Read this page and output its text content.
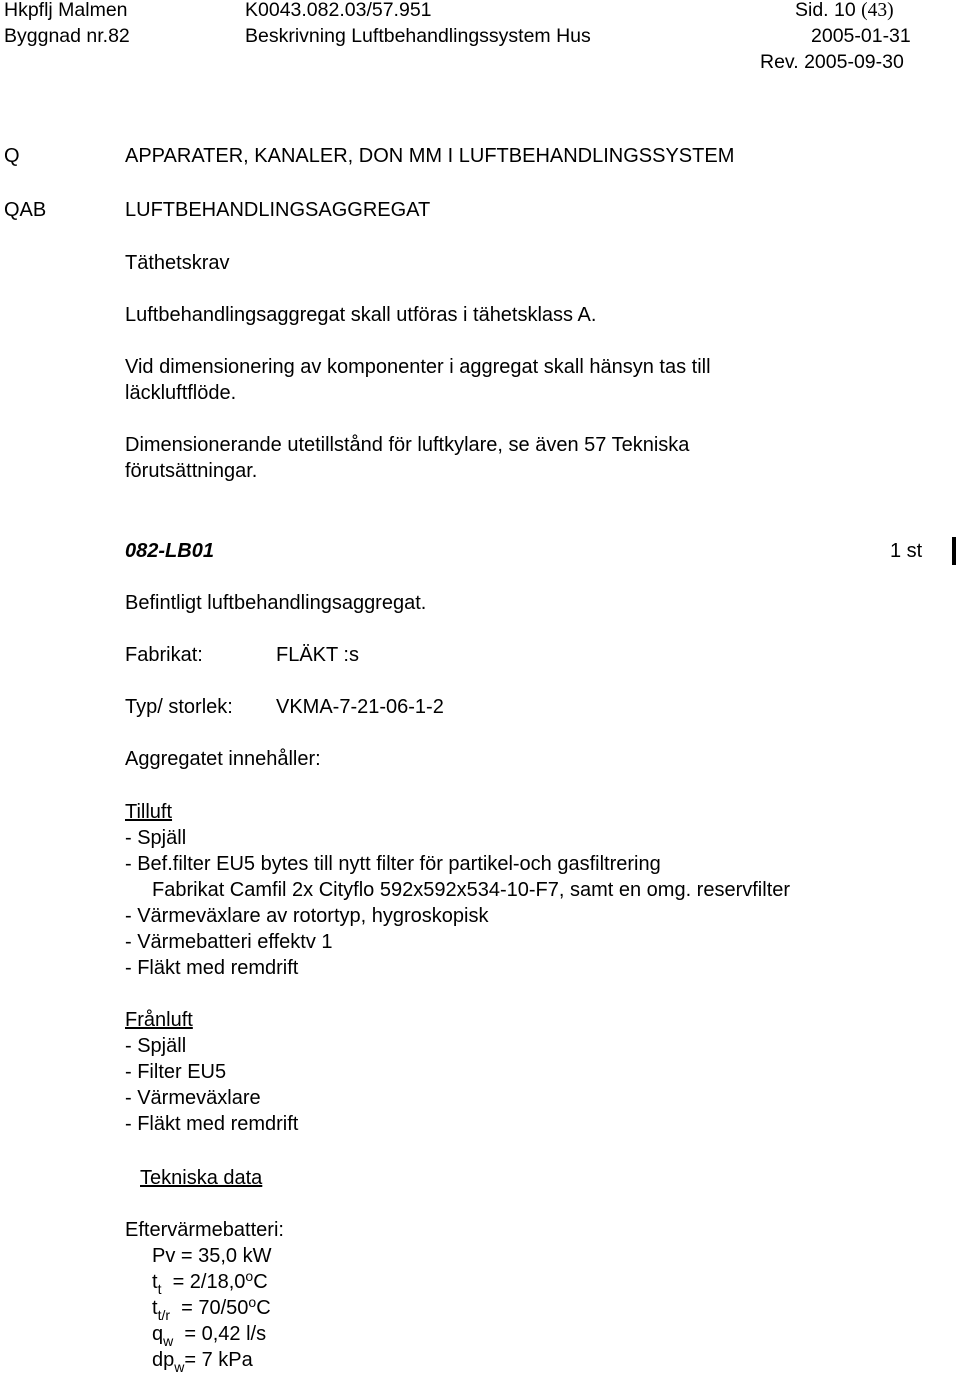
Hkpflj Malmen	K0043.082.03/57.951	Sid. 10 (43)
Byggnad nr.82	Beskrivning Luftbehandlingssystem Hus	2005-01-31
Rev. 2005-09-30
Q	APPARATER, KANALER, DON MM I LUFTBEHANDLINGSSYSTEM
QAB	LUFTBEHANDLINGSAGGREGAT
Täthetskrav
Luftbehandlingsaggregat skall utföras i tähetsklass A.
Vid dimensionering av komponenter i aggregat skall hänsyn tas till
läckluftflöde.
Dimensionerande utetillstånd för luftkylare, se även 57 Tekniska
förutsättningar.
082-LB01	1 st
Befintligt luftbehandlingsaggregat.
Fabrikat:	FLÄKT :s
Typ/ storlek: VKMA-7-21-06-1-2
Aggregatet innehåller:
Tilluft
- Spjäll
- Bef.filter EU5 bytes till nytt filter för partikel-och gasfiltrering
Fabrikat Camfil 2x Cityflo 592x592x534-10-F7, samt en omg. reservfilter
- Värmeväxlare av rotortyp, hygroskopisk
- Värmebatteri effektv 1
- Fläkt med remdrift
Frånluft
- Spjäll
- Filter EU5
- Värmeväxlare
- Fläkt med remdrift
Tekniska data
Eftervärmebatteri:
Pv = 35,0 kW
$t_t = 2/18,0^oC$
$t_{t/r} = 70/50^oC$
$q_w = 0,42$ l/s
$dp_w= 7$ kPa
